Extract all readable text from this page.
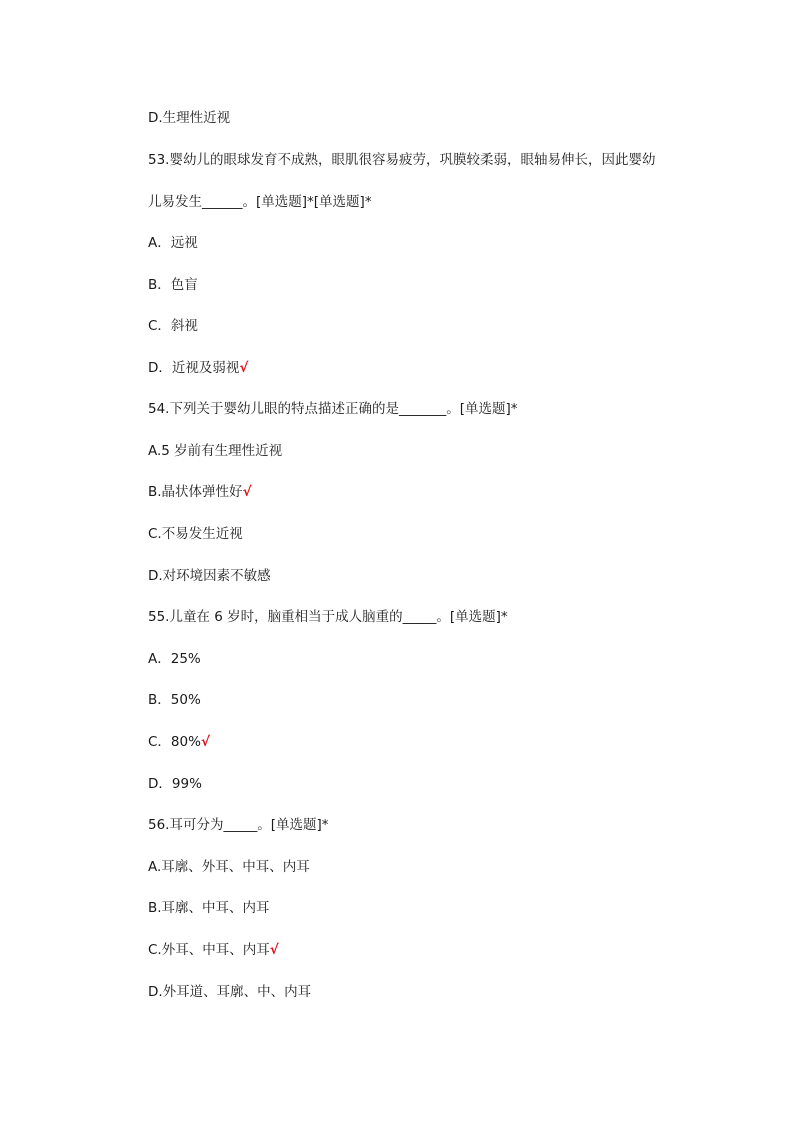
D.生理性近视
53.婴幼儿的眼球发育不成熟，眼肌很容易疲劳，巩膜较柔弱，眼轴易伸长，因此婴幼
儿易发生______。[单选题]*[单选题]*
A．远视
B．色盲
C．斜视
D．近视及弱视√
54.下列关于婴幼儿眼的特点描述正确的是_______。[单选题]*
A.5 岁前有生理性近视
B.晶状体弹性好√
C.不易发生近视
D.对环境因素不敏感
55.儿童在 6 岁时，脑重相当于成人脑重的_____。[单选题]*
A．25%
B．50%
C．80%√
D．99%
56.耳可分为_____。[单选题]*
A.耳廓、外耳、中耳、内耳
B.耳廓、中耳、内耳
C.外耳、中耳、内耳√
D.外耳道、耳廓、中、内耳
